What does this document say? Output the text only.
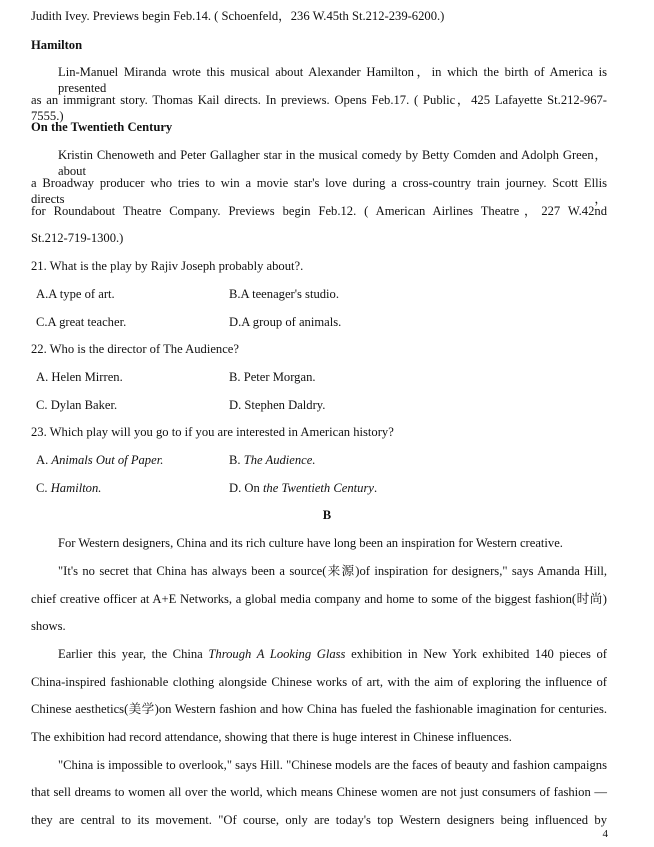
Judith Ivey. Previews begin Feb.14. ( Schoenfeld，236 W.45th St.212-239-6200.)
Hamilton
Lin-Manuel Miranda wrote this musical about Alexander Hamilton，in which the birth of America is presented
as an immigrant story. Thomas Kail directs. In previews. Opens Feb.17. ( Public，425 Lafayette St.212-967-7555.)
On the Twentieth Century
Kristin Chenoweth and Peter Gallagher star in the musical comedy by Betty Comden and Adolph Green，about
a Broadway producer who tries to win a movie star's love during a cross-country train journey. Scott Ellis directs，
for Roundabout Theatre Company. Previews begin Feb.12. ( American Airlines Theatre，227 W.42nd
St.212-719-1300.)
21. What is the play by Rajiv Joseph probably about?.
A.A type of art.	B.A teenager's studio.
C.A great teacher.	D.A group of animals.
22. Who is the director of The Audience?
A. Helen Mirren.	B. Peter Morgan.
C. Dylan Baker.	D. Stephen Daldry.
23. Which play will you go to if you are interested in American history?
A. Animals Out of Paper.	B. The Audience.
C. Hamilton.	D. On the Twentieth Century.
B
For Western designers, China and its rich culture have long been an inspiration for Western creative.
"It's no secret that China has always been a source(来源)of inspiration for designers," says Amanda Hill,
chief creative officer at A+E Networks, a global media company and home to some of the biggest fashion(时尚)
shows.
Earlier this year, the China Through A Looking Glass exhibition in New York exhibited 140 pieces of
China-inspired fashionable clothing alongside Chinese works of art, with the aim of exploring the influence of
Chinese aesthetics(美学)on Western fashion and how China has fueled the fashionable imagination for centuries.
The exhibition had record attendance, showing that there is huge interest in Chinese influences.
"China is impossible to overlook," says Hill. "Chinese models are the faces of beauty and fashion campaigns
that sell dreams to women all over the world, which means Chinese women are not just consumers of fashion —
they are central to its movement. "Of course, only are today's top Western designers being influenced by
4
